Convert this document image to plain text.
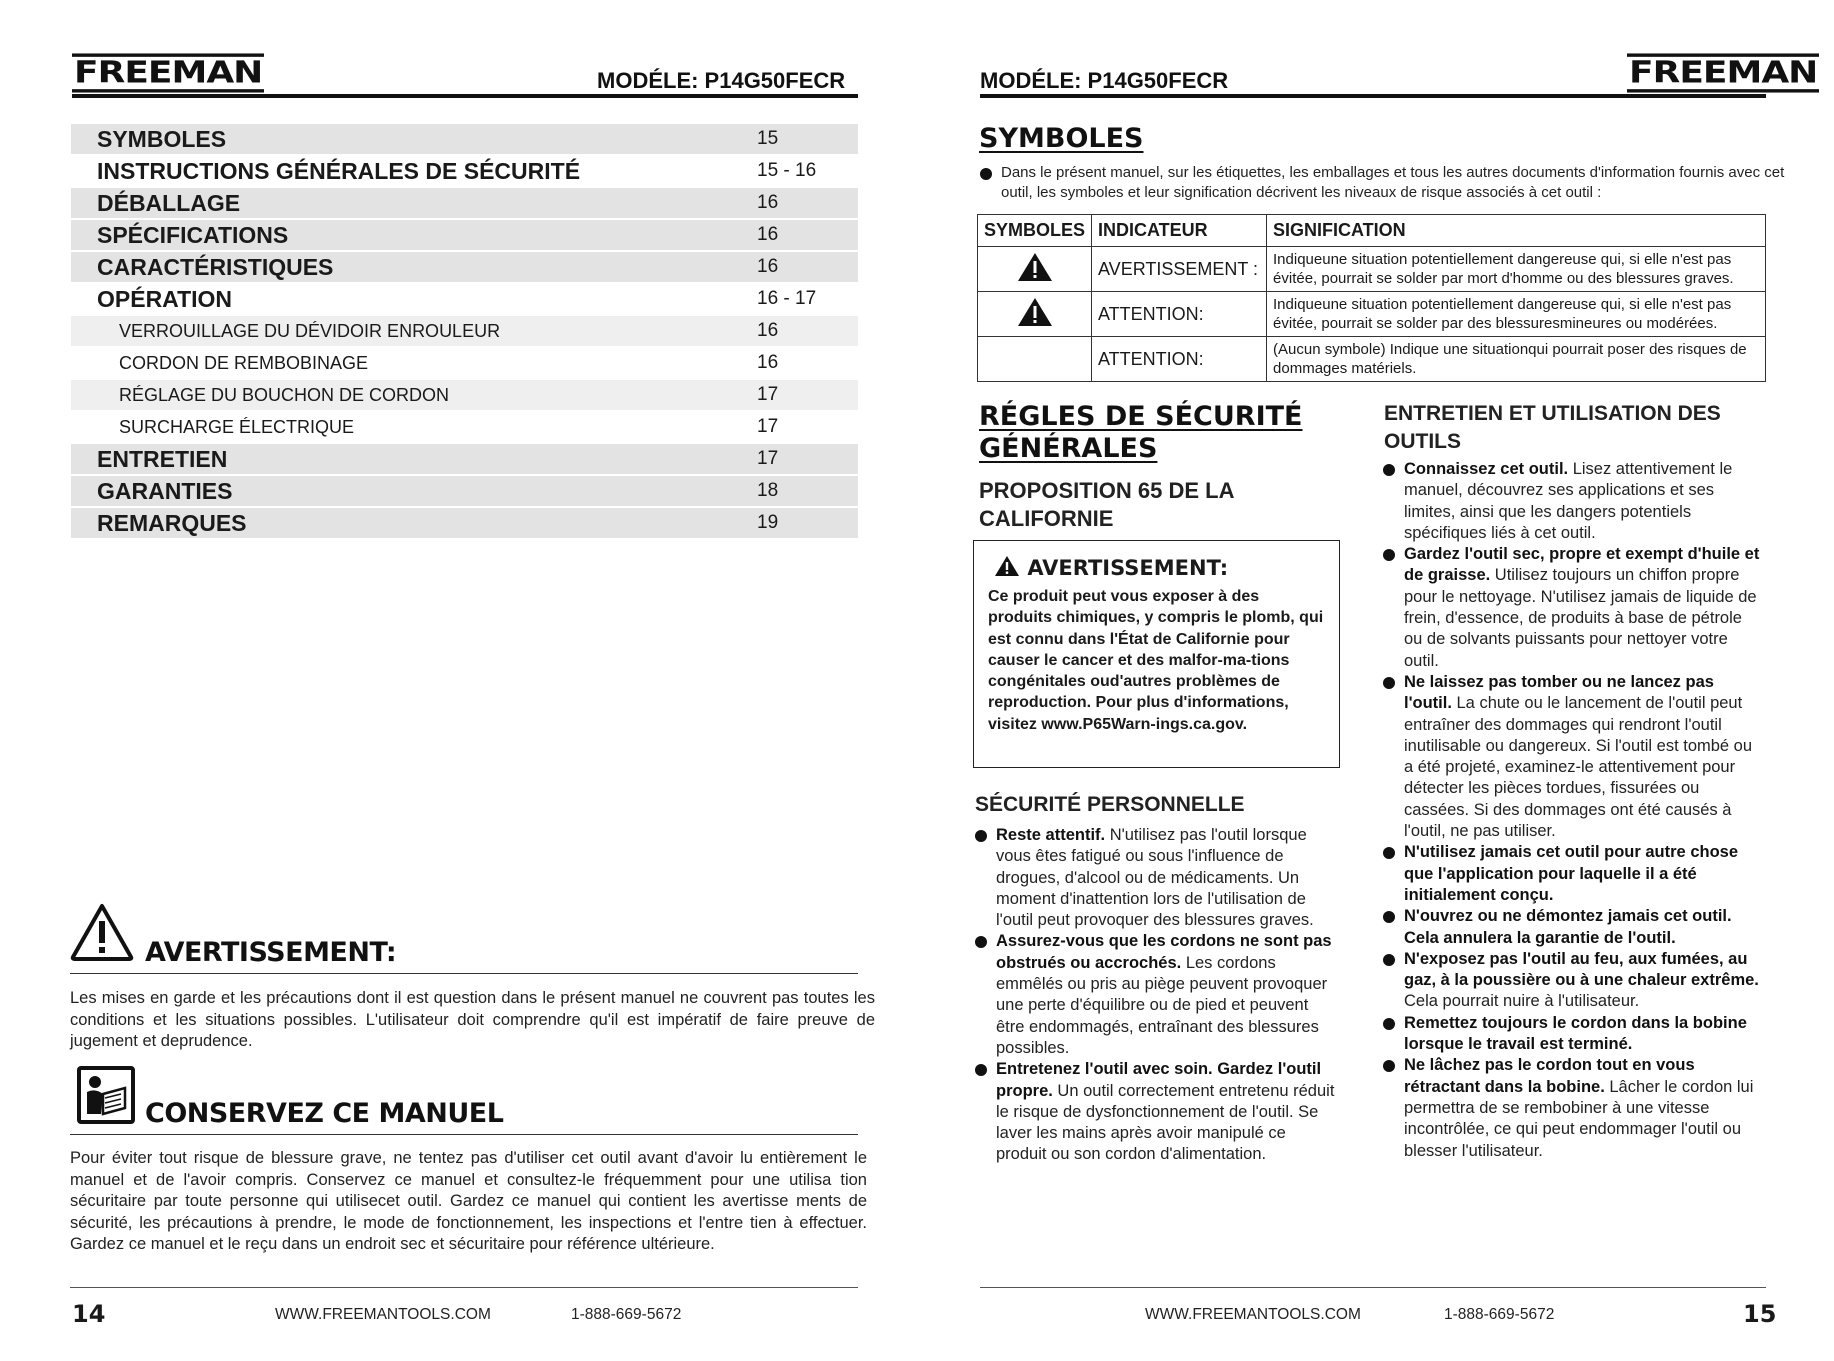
FREEMAN	MODÉLE: P14G50FECR
SYMBOLES	15
INSTRUCTIONS GÉNÉRALES DE SÉCURITÉ	15 - 16
DÉBALLAGE	16
SPÉCIFICATIONS	16
CARACTÉRISTIQUES	16
OPÉRATION	16 - 17
VERROUILLAGE DU DÉVIDOIR ENROULEUR	16
CORDON DE REMBOBINAGE	16
RÉGLAGE DU BOUCHON DE CORDON	17
SURCHARGE ÉLECTRIQUE	17
ENTRETIEN	17
GARANTIES	18
REMARQUES	19
AVERTISSEMENT:
Les mises en garde et les précautions dont il est question dans le présent manuel ne couvrent pas toutes les conditions et les situations possibles. L'utilisateur doit comprendre qu'il est impératif de faire preuve de jugement et deprudence.
CONSERVEZ CE MANUEL
Pour éviter tout risque de blessure grave, ne tentez pas d'utiliser cet outil avant d'avoir lu entièrement le manuel et de l'avoir compris. Conservez ce manuel et consultez-le fréquemment pour une utilisa tion sécuritaire par toute personne qui utilisecet outil. Gardez ce manuel qui contient les avertisse ments de sécurité, les précautions à prendre, le mode de fonctionnement, les inspections et l'entre tien à effectuer. Gardez ce manuel et le reçu dans un endroit sec et sécuritaire pour référence ultérieure.
14	WWW.FREEMANTOOLS.COM	1-888-669-5672
MODÉLE: P14G50FECR	FREEMAN
SYMBOLES
Dans le présent manuel, sur les étiquettes, les emballages et tous les autres documents d'information fournis avec cet outil, les symboles et leur signification décrivent les niveaux de risque associés à cet outil :
SYMBOLES	INDICATEUR	SIGNIFICATION
	AVERTISSEMENT :	Indiqueune situation potentiellement dangereuse qui, si elle n'est pas évitée, pourrait se solder par mort d'homme ou des blessures graves.
	ATTENTION:	Indiqueune situation potentiellement dangereuse qui, si elle n'est pas évitée, pourrait se solder par des blessuresmineures ou modérées.
	ATTENTION:	(Aucun symbole) Indique une situationqui pourrait poser des risques de dommages matériels.
RÉGLES DE SÉCURITÉ
GÉNÉRALES
PROPOSITION 65 DE LA
CALIFORNIE
AVERTISSEMENT:
Ce produit peut vous exposer à des produits chimiques, y compris le plomb, qui est connu dans l'État de Californie pour causer le cancer et des malfor-ma-tions congénitales oud'autres problèmes de reproduction. Pour plus d'informations, visitez www.P65Warn-ings.ca.gov.
SÉCURITÉ PERSONNELLE
Reste attentif. N'utilisez pas l'outil lorsque vous êtes fatigué ou sous l'influence de drogues, d'alcool ou de médicaments. Un moment d'inattention lors de l'utilisation de l'outil peut provoquer des blessures graves.
Assurez-vous que les cordons ne sont pas obstrués ou accrochés. Les cordons emmêlés ou pris au piège peuvent provoquer une perte d'équilibre ou de pied et peuvent être endommagés, entraînant des blessures possibles.
Entretenez l'outil avec soin. Gardez l'outil propre. Un outil correctement entretenu réduit le risque de dysfonctionnement de l'outil. Se laver les mains après avoir manipulé ce produit ou son cordon d'alimentation.
ENTRETIEN ET UTILISATION DES
OUTILS
Connaissez cet outil. Lisez attentivement le manuel, découvrez ses applications et ses limites, ainsi que les dangers potentiels spécifiques liés à cet outil.
Gardez l'outil sec, propre et exempt d'huile et de graisse. Utilisez toujours un chiffon propre pour le nettoyage. N'utilisez jamais de liquide de frein, d'essence, de produits à base de pétrole ou de solvants puissants pour nettoyer votre outil.
Ne laissez pas tomber ou ne lancez pas l'outil. La chute ou le lancement de l'outil peut entraîner des dommages qui rendront l'outil inutilisable ou dangereux. Si l'outil est tombé ou a été projeté, examinez-le attentivement pour détecter les pièces tordues, fissurées ou cassées. Si des dommages ont été causés à l'outil, ne pas utiliser.
N'utilisez jamais cet outil pour autre chose que l'application pour laquelle il a été initialement conçu.
N'ouvrez ou ne démontez jamais cet outil. Cela annulera la garantie de l'outil.
N'exposez pas l'outil au feu, aux fumées, au gaz, à la poussière ou à une chaleur extrême. Cela pourrait nuire à l'utilisateur.
Remettez toujours le cordon dans la bobine lorsque le travail est terminé.
Ne lâchez pas le cordon tout en vous rétractant dans la bobine. Lâcher le cordon lui permettra de se rembobiner à une vitesse incontrôlée, ce qui peut endommager l'outil ou blesser l'utilisateur.
WWW.FREEMANTOOLS.COM	1-888-669-5672	15
